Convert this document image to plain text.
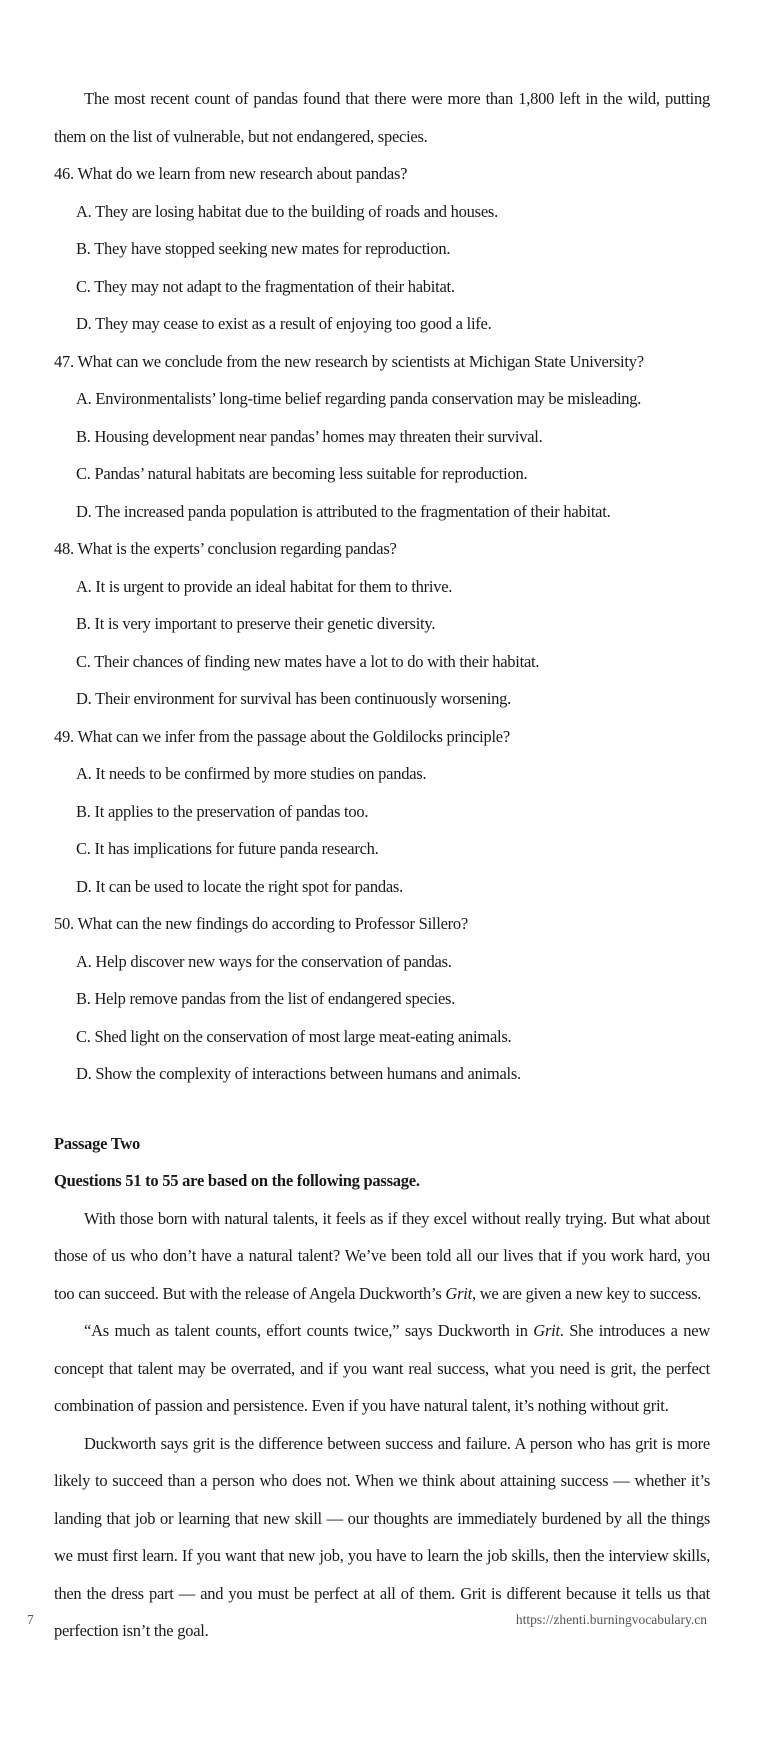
The most recent count of pandas found that there were more than 1,800 left in the wild, putting them on the list of vulnerable, but not endangered, species.

46. What do we learn from new research about pandas?

A. They are losing habitat due to the building of roads and houses.

B. They have stopped seeking new mates for reproduction.

C. They may not adapt to the fragmentation of their habitat.

D. They may cease to exist as a result of enjoying too good a life.

47. What can we conclude from the new research by scientists at Michigan State University?

A. Environmentalists’ long-time belief regarding panda conservation may be misleading.

B. Housing development near pandas’ homes may threaten their survival.

C. Pandas’ natural habitats are becoming less suitable for reproduction.

D. The increased panda population is attributed to the fragmentation of their habitat.

48. What is the experts’ conclusion regarding pandas?

A. It is urgent to provide an ideal habitat for them to thrive.

B. It is very important to preserve their genetic diversity.

C. Their chances of finding new mates have a lot to do with their habitat.

D. Their environment for survival has been continuously worsening.

49. What can we infer from the passage about the Goldilocks principle?

A. It needs to be confirmed by more studies on pandas.

B. It applies to the preservation of pandas too.

C. It has implications for future panda research.

D. It can be used to locate the right spot for pandas.

50. What can the new findings do according to Professor Sillero?

A. Help discover new ways for the conservation of pandas.

B. Help remove pandas from the list of endangered species.

C. Shed light on the conservation of most large meat-eating animals.

D. Show the complexity of interactions between humans and animals.

Passage Two

Questions 51 to 55 are based on the following passage.

With those born with natural talents, it feels as if they excel without really trying. But what about those of us who don’t have a natural talent? We’ve been told all our lives that if you work hard, you too can succeed. But with the release of Angela Duckworth’s Grit, we are given a new key to success.

“As much as talent counts, effort counts twice,” says Duckworth in Grit. She introduces a new concept that talent may be overrated, and if you want real success, what you need is grit, the perfect combination of passion and persistence. Even if you have natural talent, it’s nothing without grit.

Duckworth says grit is the difference between success and failure. A person who has grit is more likely to succeed than a person who does not. When we think about attaining success — whether it’s landing that job or learning that new skill — our thoughts are immediately burdened by all the things we must first learn. If you want that new job, you have to learn the job skills, then the interview skills, then the dress part — and you must be perfect at all of them. Grit is different because it tells us that perfection isn’t the goal.

7	https://zhenti.burningvocabulary.cn
